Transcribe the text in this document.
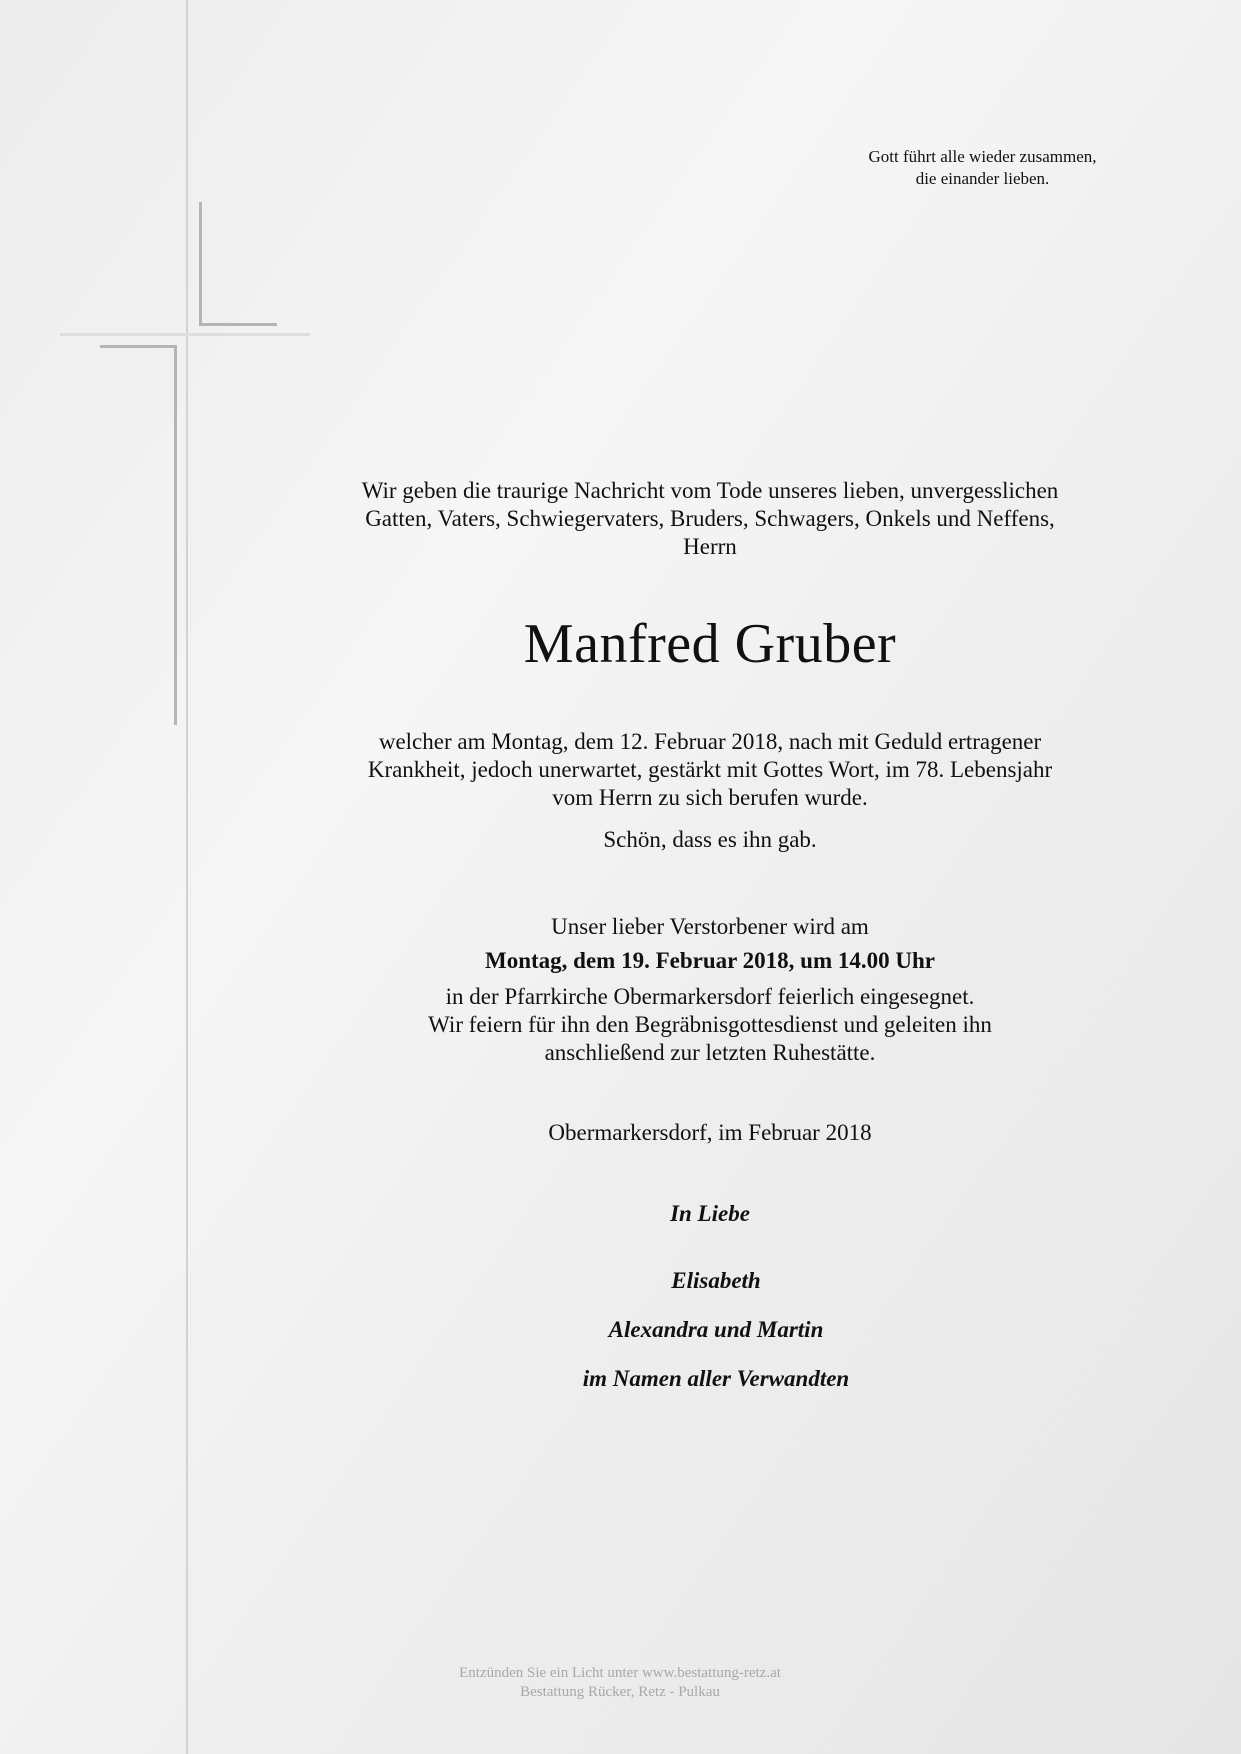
Gott führt alle wieder zusammen,
die einander lieben.
Wir geben die traurige Nachricht vom Tode unseres lieben, unvergesslichen
Gatten, Vaters, Schwiegervaters, Bruders, Schwagers, Onkels und Neffens,
Herrn
Manfred Gruber
welcher am Montag, dem 12. Februar 2018, nach mit Geduld ertragener
Krankheit, jedoch unerwartet, gestärkt mit Gottes Wort, im 78. Lebensjahr
vom Herrn zu sich berufen wurde.
Schön, dass es ihn gab.
Unser lieber Verstorbener wird am
Montag, dem 19. Februar 2018, um 14.00 Uhr
in der Pfarrkirche Obermarkersdorf feierlich eingesegnet.
Wir feiern für ihn den Begräbnisgottesdienst und geleiten ihn
anschließend zur letzten Ruhestätte.
Obermarkersdorf, im Februar 2018
In Liebe
Elisabeth
Alexandra und Martin
im Namen aller Verwandten
Entzünden Sie ein Licht unter www.bestattung-retz.at
Bestattung Rücker, Retz - Pulkau
